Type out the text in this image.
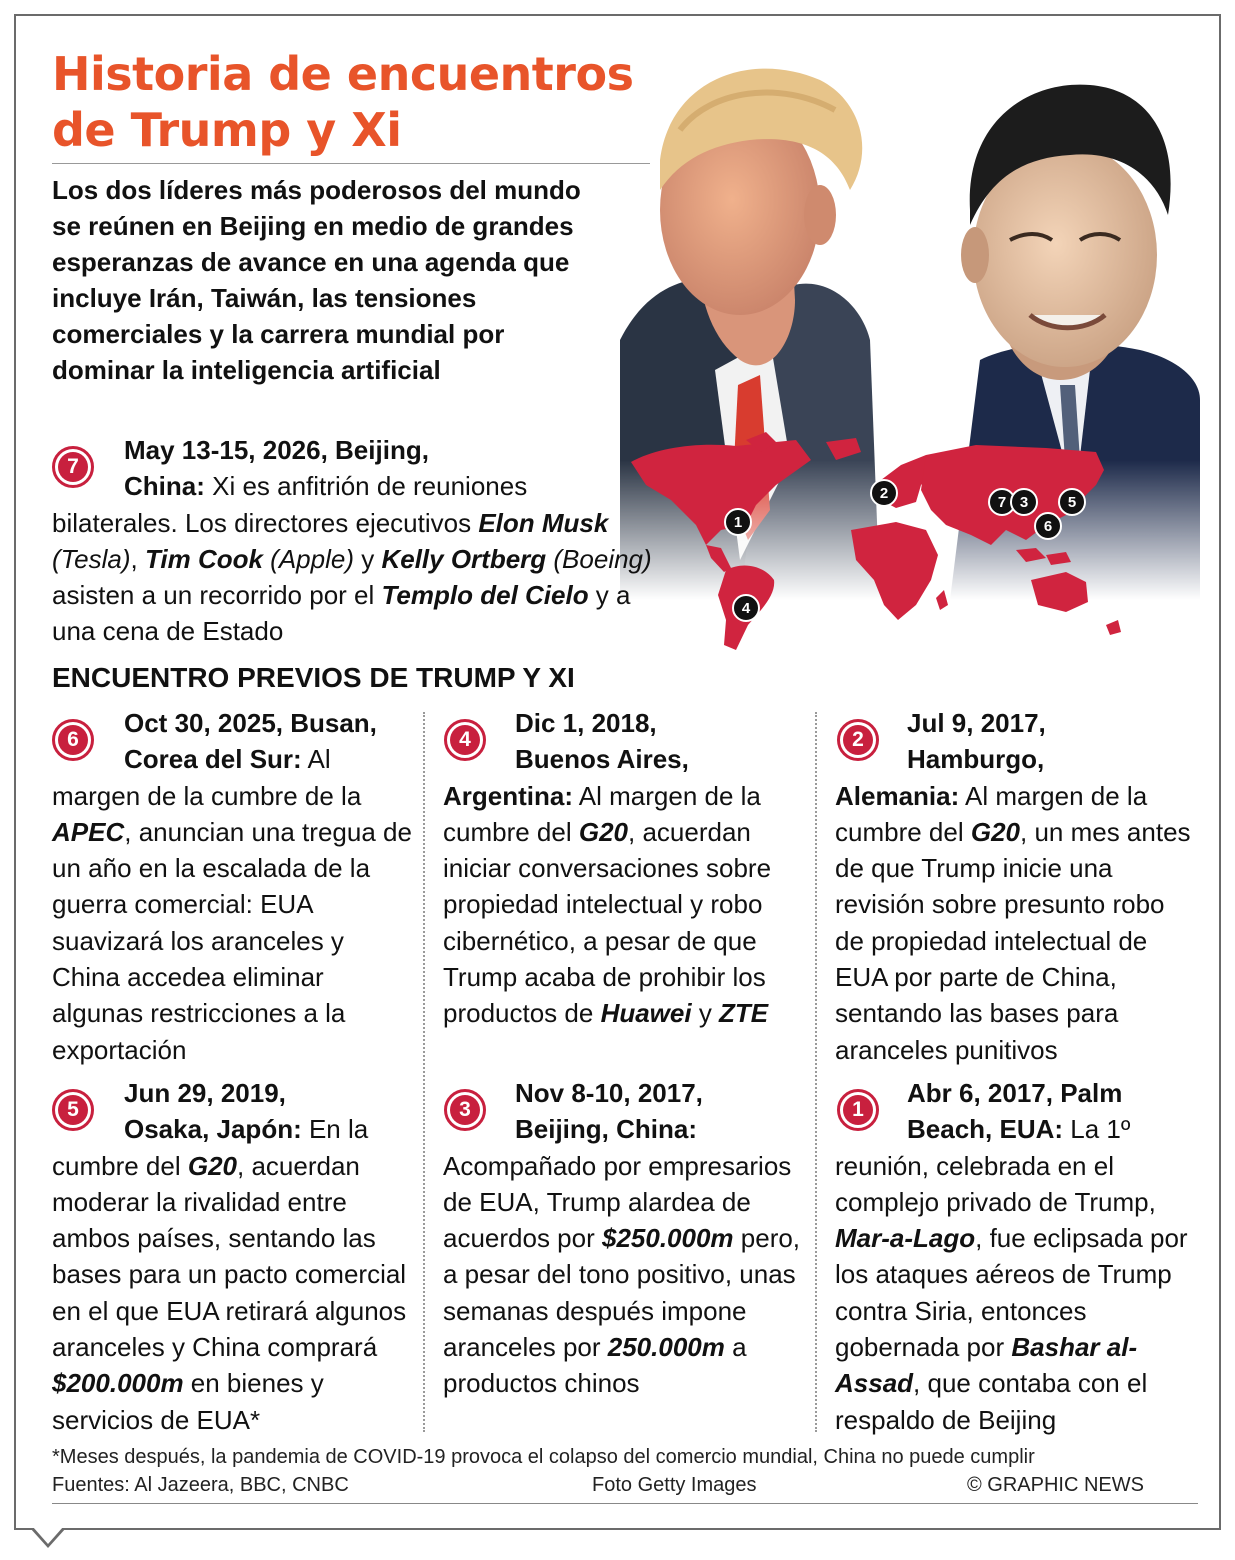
1
2
7 3	5
6
4
Historia de encuentros
de Trump y Xi
Los dos líderes más poderosos del mundo se reúnen en Beijing en medio de grandes esperanzas de avance en una agenda que incluye Irán, Taiwán, las tensiones comerciales y la carrera mundial por dominar la inteligencia artificial
7
May 13-15, 2026, Beijing,
China: Xi es anfitrión de reuniones bilaterales. Los directores ejecutivos Elon Musk (Tesla), Tim Cook (Apple) y Kelly Ortberg (Boeing) asisten a un recorrido por el Templo del Cielo y a una cena de Estado
ENCUENTRO PREVIOS DE TRUMP Y XI
6
Oct 30, 2025, Busan,
Corea del Sur: Al margen de la cumbre de la APEC, anuncian una tregua de un año en la escalada de la guerra comercial: EUA suavizará los aranceles y China accedea eliminar algunas restricciones a la exportación
4
Dic 1, 2018,
Buenos Aires,
Argentina: Al margen de la cumbre del G20, acuerdan iniciar conversaciones sobre propiedad intelectual y robo cibernético, a pesar de que Trump acaba de prohibir los productos de Huawei y ZTE
2
Jul 9, 2017,
Hamburgo,
Alemania: Al margen de la cumbre del G20, un mes antes de que Trump inicie una revisión sobre presunto robo de propiedad intelectual de EUA por parte de China, sentando las bases para aranceles punitivos
5
Jun 29, 2019,
Osaka, Japón: En la cumbre del G20, acuerdan moderar la rivalidad entre ambos países, sentando las bases para un pacto comercial en el que EUA retirará algunos aranceles y China comprará $200.000m en bienes y servicios de EUA*
3
Nov 8-10, 2017,
Beijing, China: Acompañado por empresarios de EUA, Trump alardea de acuerdos por $250.000m pero, a pesar del tono positivo, unas semanas después impone aranceles por 250.000m a productos chinos
1
Abr 6, 2017, Palm
Beach, EUA: La 1º reunión, celebrada en el complejo privado de Trump, Mar-a-Lago, fue eclipsada por los ataques aéreos de Trump contra Siria, entonces gobernada por Bashar al-Assad, que contaba con el respaldo de Beijing
*Meses después, la pandemia de COVID-19 provoca el colapso del comercio mundial, China no puede cumplir
Fuentes: Al Jazeera, BBC, CNBC	Foto Getty Images	© GRAPHIC NEWS
